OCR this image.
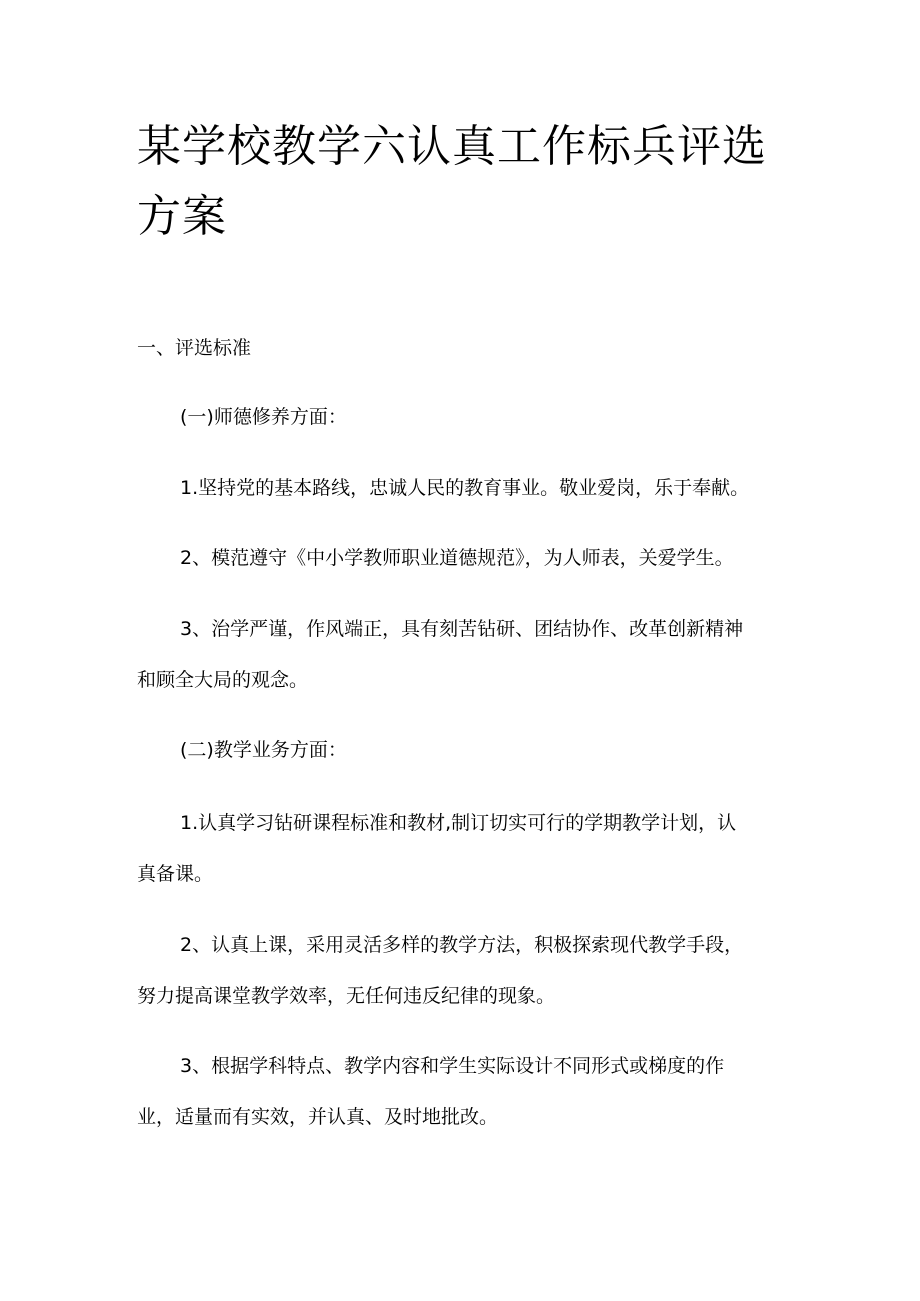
某学校教学六认真工作标兵评选方案

一、评选标准

(一)师德修养方面：

1.坚持党的基本路线，忠诚人民的教育事业。敬业爱岗，乐于奉献。

2、模范遵守《中小学教师职业道德规范》，为人师表，关爱学生。

3、治学严谨，作风端正，具有刻苦钻研、团结协作、改革创新精神

和顾全大局的观念。

(二)教学业务方面：

1.认真学习钻研课程标准和教材,制订切实可行的学期教学计划，认

真备课。

2、认真上课，采用灵活多样的教学方法，积极探索现代教学手段，

努力提高课堂教学效率，无任何违反纪律的现象。

3、根据学科特点、教学内容和学生实际设计不同形式或梯度的作

业，适量而有实效，并认真、及时地批改。
